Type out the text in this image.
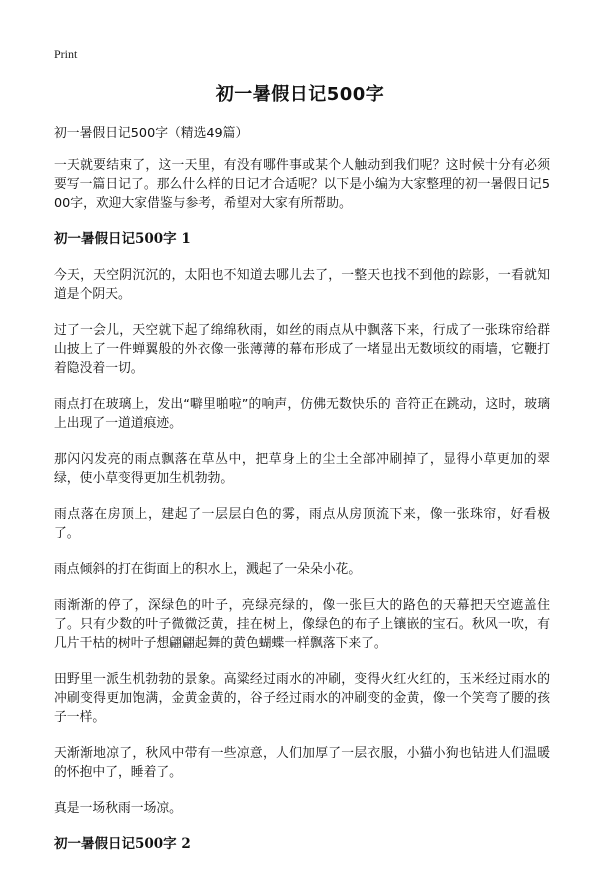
Print
初一暑假日记500字
初一暑假日记500字（精选49篇）
一天就要结束了，这一天里，有没有哪件事或某个人触动到我们呢？这时候十分有必须要写一篇日记了。那么什么样的日记才合适呢？以下是小编为大家整理的初一暑假日记500字，欢迎大家借鉴与参考，希望对大家有所帮助。
初一暑假日记500字 1
今天，天空阴沉沉的，太阳也不知道去哪儿去了，一整天也找不到他的踪影，一看就知道是个阴天。
过了一会儿，天空就下起了绵绵秋雨，如丝的雨点从中飘落下来，行成了一张珠帘给群山披上了一件蝉翼般的外衣像一张薄薄的幕布形成了一堵显出无数顷纹的雨墙，它鞭打着隐没着一切。
雨点打在玻璃上，发出“噼里啪啦”的响声，仿佛无数快乐的 音符正在跳动，这时，玻璃上出现了一道道痕迹。
那闪闪发亮的雨点飘落在草丛中，把草身上的尘土全部冲刷掉了，显得小草更加的翠绿，使小草变得更加生机勃勃。
雨点落在房顶上，建起了一层层白色的雾，雨点从房顶流下来，像一张珠帘，好看极了。
雨点倾斜的打在街面上的积水上，溅起了一朵朵小花。
雨渐渐的停了，深绿色的叶子，亮绿亮绿的，像一张巨大的路色的天幕把天空遮盖住了。只有少数的叶子微微泛黄，挂在树上，像绿色的布子上镶嵌的宝石。秋风一吹，有几片干枯的树叶子想翩翩起舞的黄色蝴蝶一样飘落下来了。
田野里一派生机勃勃的景象。高粱经过雨水的冲刷，变得火红火红的，玉米经过雨水的冲刷变得更加饱满，金黄金黄的，谷子经过雨水的冲刷变的金黄，像一个笑弯了腰的孩子一样。
天渐渐地凉了，秋风中带有一些凉意，人们加厚了一层衣服，小猫小狗也钻进人们温暖的怀抱中了，睡着了。
真是一场秋雨一场凉。
初一暑假日记500字 2
